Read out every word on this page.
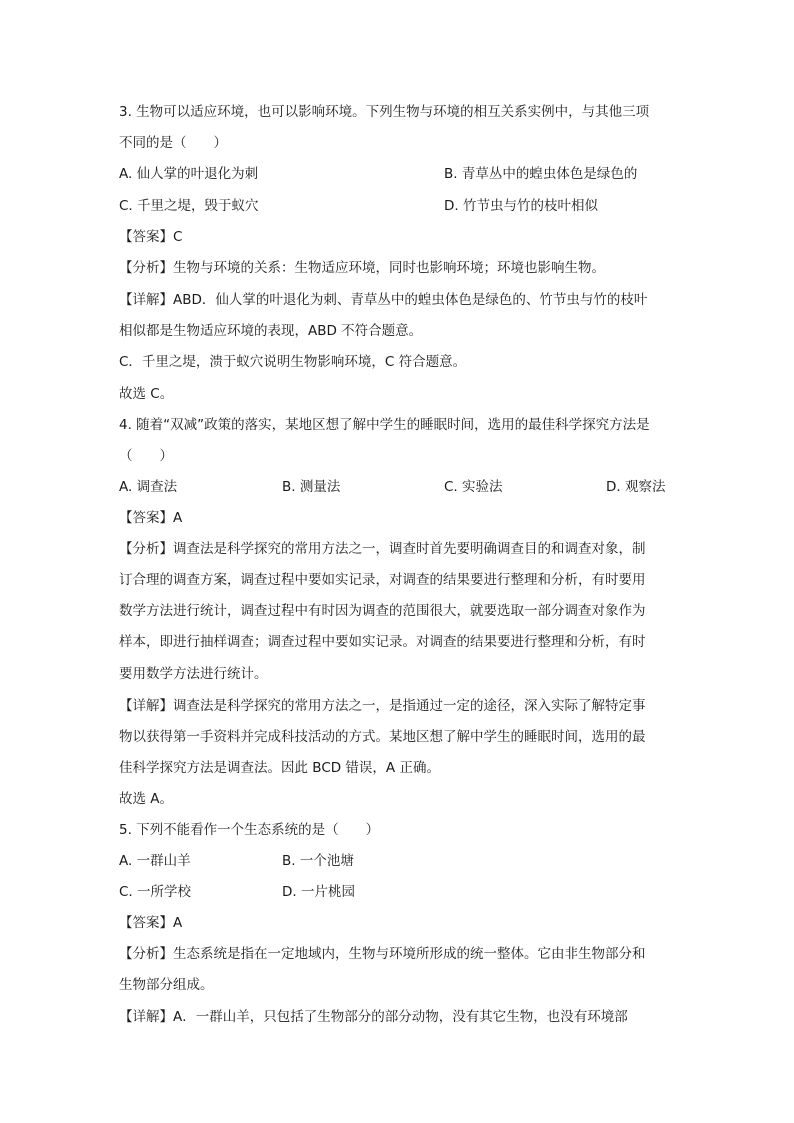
3. 生物可以适应环境，也可以影响环境。下列生物与环境的相互关系实例中，与其他三项
不同的是（　　）
A. 仙人掌的叶退化为刺	B. 青草丛中的蝗虫体色是绿色的
C. 千里之堤，毁于蚁穴	D. 竹节虫与竹的枝叶相似
【答案】C
【分析】生物与环境的关系：生物适应环境，同时也影响环境；环境也影响生物。
【详解】ABD．仙人掌的叶退化为刺、青草丛中的蝗虫体色是绿色的、竹节虫与竹的枝叶
相似都是生物适应环境的表现，ABD 不符合题意。
C．千里之堤，溃于蚁穴说明生物影响环境，C 符合题意。
故选 C。
4. 随着“双减”政策的落实，某地区想了解中学生的睡眠时间，选用的最佳科学探究方法是
（　　）
A. 调查法	B. 测量法	C. 实验法	D. 观察法
【答案】A
【分析】调查法是科学探究的常用方法之一，调查时首先要明确调查目的和调查对象，制
订合理的调查方案，调查过程中要如实记录，对调查的结果要进行整理和分析，有时要用
数学方法进行统计，调查过程中有时因为调查的范围很大，就要选取一部分调查对象作为
样本，即进行抽样调查；调查过程中要如实记录。对调查的结果要进行整理和分析，有时
要用数学方法进行统计。
【详解】调查法是科学探究的常用方法之一，是指通过一定的途径，深入实际了解特定事
物以获得第一手资料并完成科技活动的方式。某地区想了解中学生的睡眠时间，选用的最
佳科学探究方法是调查法。因此 BCD 错误，A 正确。
故选 A。
5. 下列不能看作一个生态系统的是（　　）
A. 一群山羊	B. 一个池塘
C. 一所学校	D. 一片桃园
【答案】A
【分析】生态系统是指在一定地域内，生物与环境所形成的统一整体。它由非生物部分和
生物部分组成。
【详解】A．一群山羊，只包括了生物部分的部分动物，没有其它生物，也没有环境部
